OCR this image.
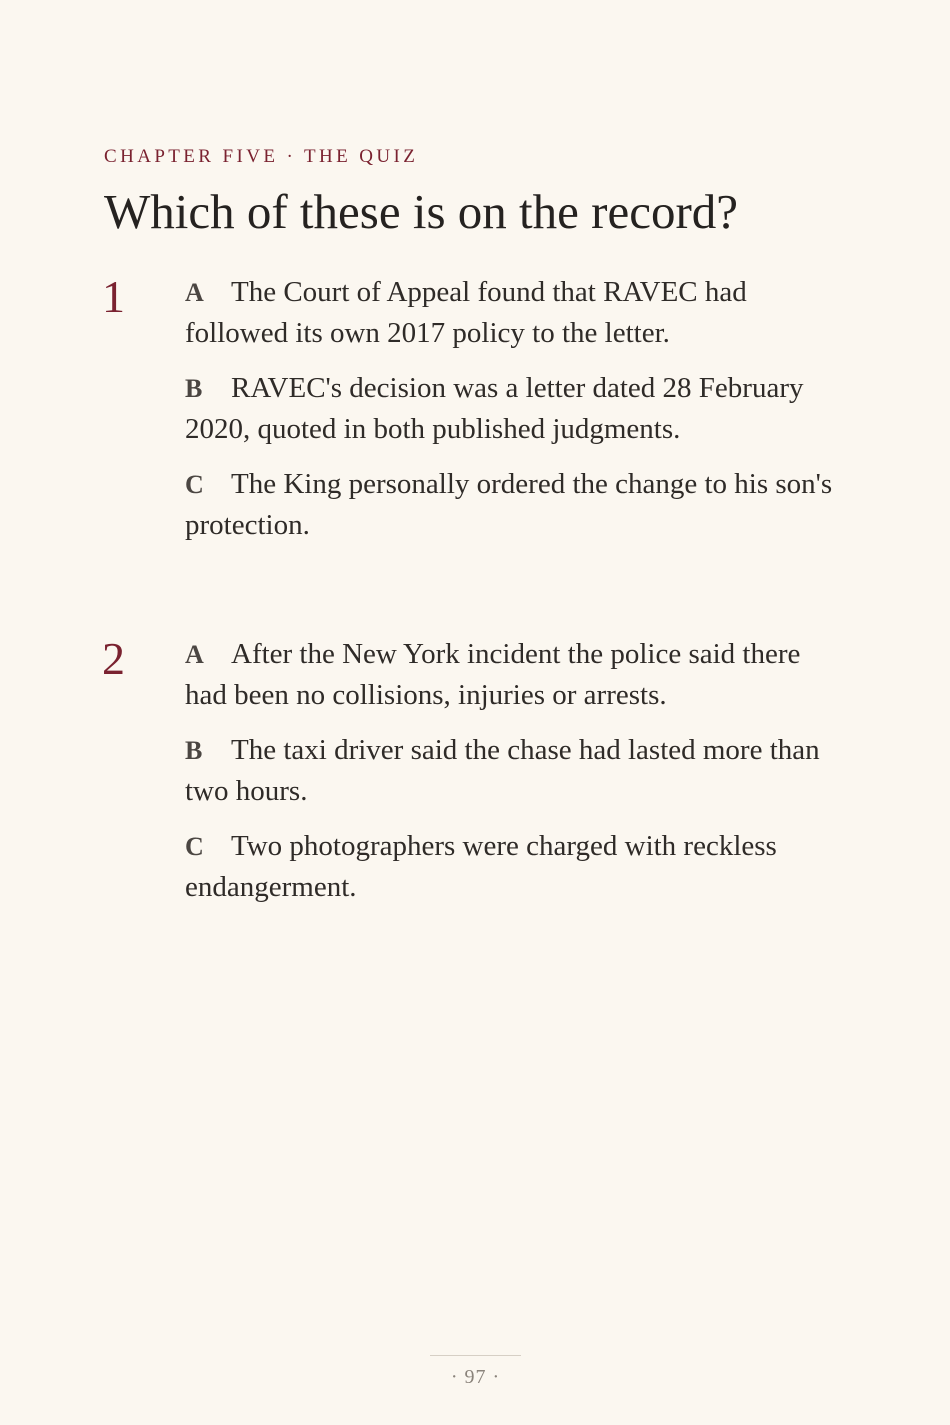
CHAPTER FIVE · THE QUIZ
Which of these is on the record?
1 A The Court of Appeal found that RAVEC had followed its own 2017 policy to the letter.

B RAVEC's decision was a letter dated 28 February 2020, quoted in both published judgments.

C The King personally ordered the change to his son's protection.

2 A After the New York incident the police said there had been no collisions, injuries or arrests.

B The taxi driver said the chase had lasted more than two hours.

C Two photographers were charged with reckless endangerment.

· 97 ·
